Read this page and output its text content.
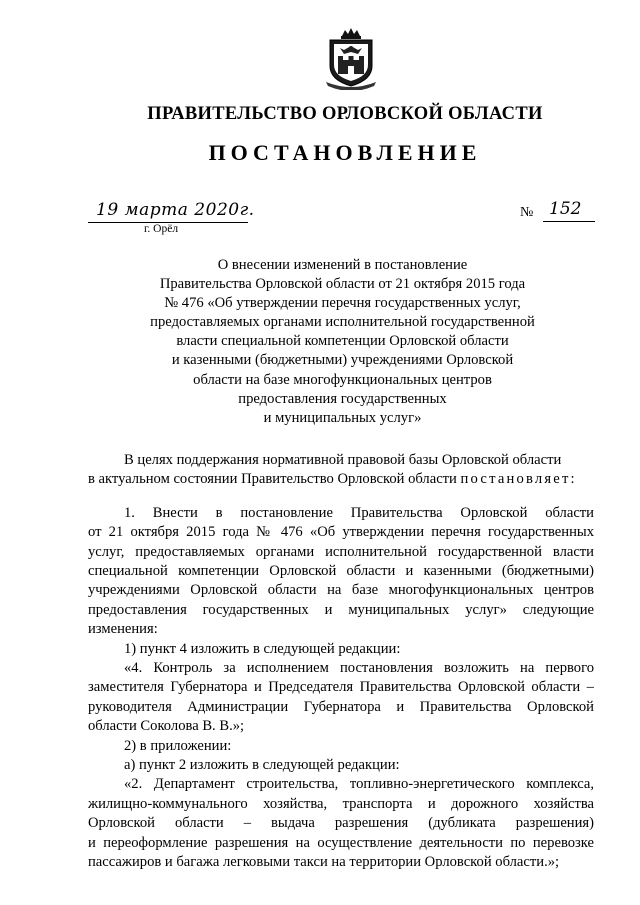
ПРАВИТЕЛЬСТВО ОРЛОВСКОЙ ОБЛАСТИ
ПОСТАНОВЛЕНИЕ
19 марта 2020г.
г. Орёл
№ 152
О внесении изменений в постановление
Правительства Орловской области от 21 октября 2015 года
№ 476 «Об утверждении перечня государственных услуг,
предоставляемых органами исполнительной государственной
власти специальной компетенции Орловской области
и казенными (бюджетными) учреждениями Орловской
области на базе многофункциональных центров
предоставления государственных
и муниципальных услуг»
В целях поддержания нормативной правовой базы Орловской области
в актуальном состоянии Правительство Орловской области постановляет:
1. Внести в постановление Правительства Орловской области
от 21 октября 2015 года № 476 «Об утверждении перечня государственных
услуг, предоставляемых органами исполнительной государственной власти
специальной компетенции Орловской области и казенными (бюджетными)
учреждениями Орловской области на базе многофункциональных центров
предоставления государственных и муниципальных услуг» следующие
изменения:
1) пункт 4 изложить в следующей редакции:
«4. Контроль за исполнением постановления возложить на первого
заместителя Губернатора и Председателя Правительства Орловской области –
руководителя Администрации Губернатора и Правительства Орловской
области Соколова В. В.»;
2) в приложении:
а) пункт 2 изложить в следующей редакции:
«2. Департамент строительства, топливно-энергетического комплекса,
жилищно-коммунального хозяйства, транспорта и дорожного хозяйства
Орловской области – выдача разрешения (дубликата разрешения)
и переоформление разрешения на осуществление деятельности по перевозке
пассажиров и багажа легковыми такси на территории Орловской области.»;
